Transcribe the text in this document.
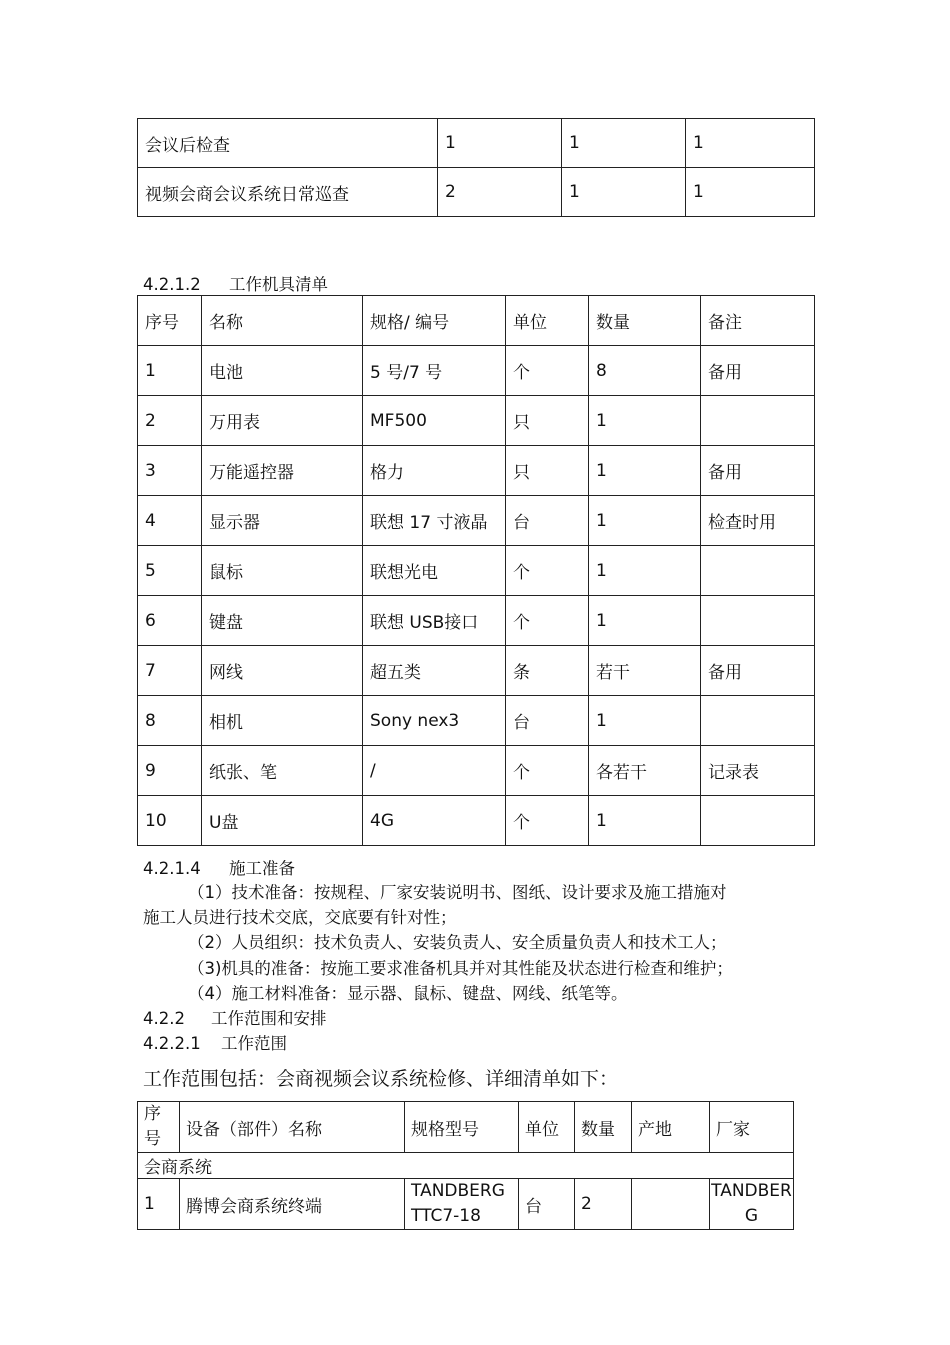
会议后检查	1	1	1
视频会商会议系统日常巡查	2	1	1
4.2.1.2 工作机具清单
序号	名称	规格/ 编号	单位	数量	备注
1	电池	5 号/7 号	个	8	备用
2	万用表	MF500	只	1	
3	万能遥控器	格力	只	1	备用
4	显示器	联想 17 寸液晶	台	1	检查时用
5	鼠标	联想光电	个	1	
6	键盘	联想 USB接口	个	1	
7	网线	超五类	条	若干	备用
8	相机	Sony nex3	台	1	
9	纸张、笔	/	个	各若干	记录表
10	U盘	4G	个	1	
4.2.1.4 施工准备
（1）技术准备：按规程、厂家安装说明书、图纸、设计要求及施工措施对
施工人员进行技术交底，交底要有针对性；
（2）人员组织：技术负责人、安装负责人、安全质量负责人和技术工人；
（3)机具的准备：按施工要求准备机具并对其性能及状态进行检查和维护；
（4）施工材料准备：显示器、鼠标、键盘、网线、纸笔等。
4.2.2 工作范围和安排
4.2.2.1 工作范围
工作范围包括：会商视频会议系统检修、详细清单如下：
序号	设备（部件）名称	规格型号	单位	数量	产地	厂家
会商系统						
1	腾博会商系统终端	TANDBERG TTC7-18	台	2		TANDBERG
